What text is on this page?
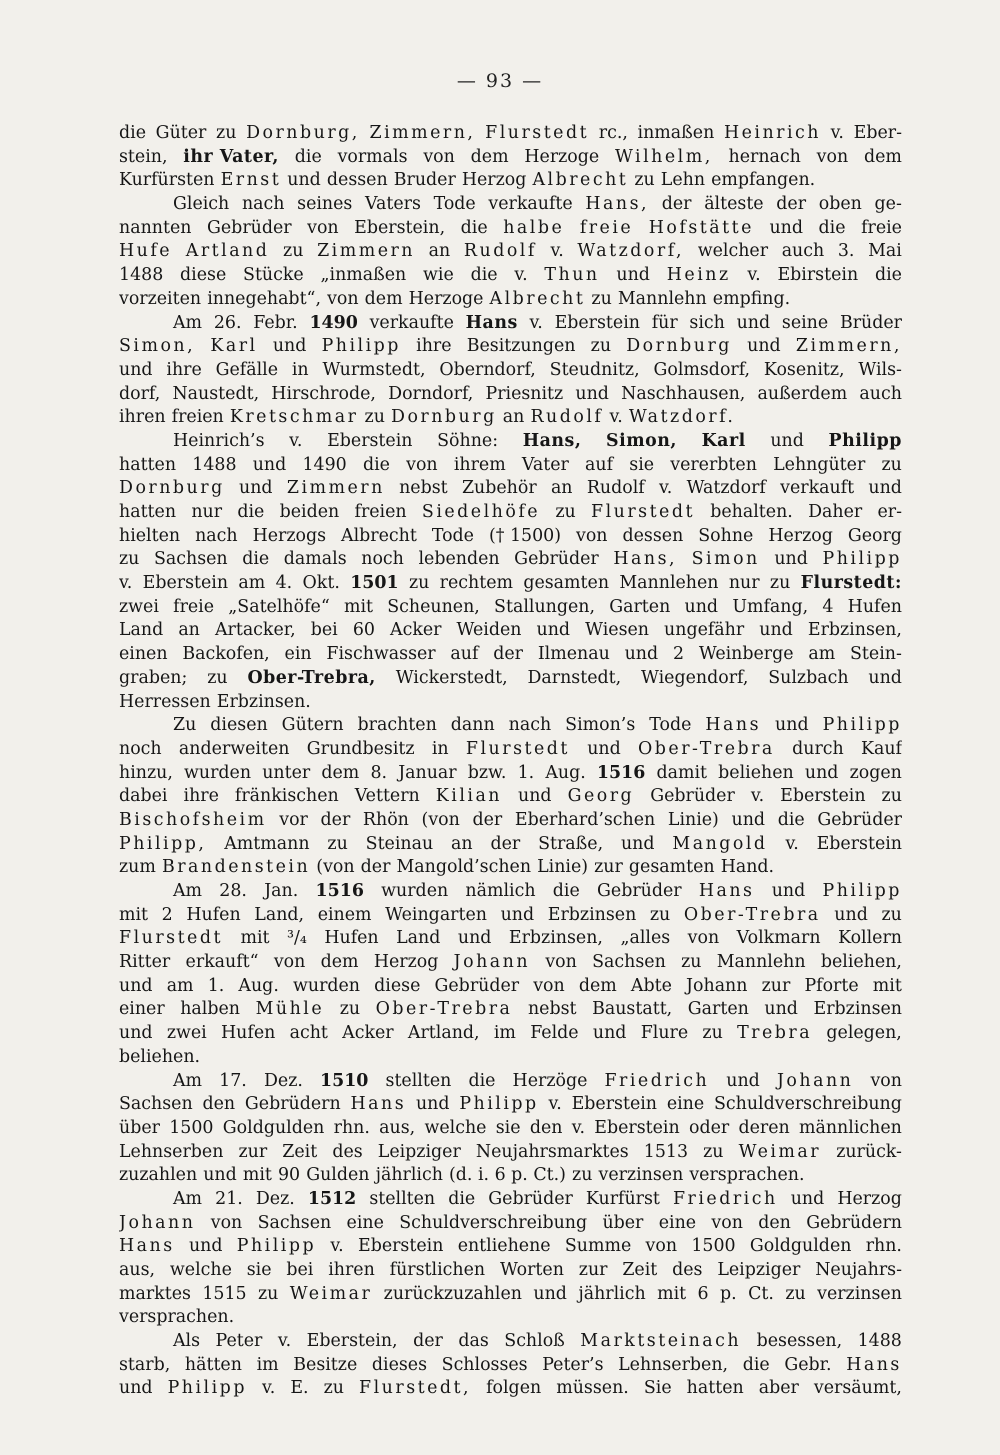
— 93 —
die Güter zu Dornburg, Zimmern, Flurstedt rc., inmaßen Heinrich v. Eber-
stein, ihr Vater, die vormals von dem Herzoge Wilhelm, hernach von dem
Kurfürsten Ernst und dessen Bruder Herzog Albrecht zu Lehn empfangen.
Gleich nach seines Vaters Tode verkaufte Hans, der älteste der oben ge-
nannten Gebrüder von Eberstein, die halbe freie Hofstätte und die freie
Hufe Artland zu Zimmern an Rudolf v. Watzdorf, welcher auch 3. Mai
1488 diese Stücke „inmaßen wie die v. Thun und Heinz v. Ebirstein die
vorzeiten innegehabt“, von dem Herzoge Albrecht zu Mannlehn empfing.
Am 26. Febr. 1490 verkaufte Hans v. Eberstein für sich und seine Brüder
Simon, Karl und Philipp ihre Besitzungen zu Dornburg und Zimmern,
und ihre Gefälle in Wurmstedt, Oberndorf, Steudnitz, Golmsdorf, Kosenitz, Wils-
dorf, Naustedt, Hirschrode, Dorndorf, Priesnitz und Naschhausen, außerdem auch
ihren freien Kretschmar zu Dornburg an Rudolf v. Watzdorf.
Heinrich’s v. Eberstein Söhne: Hans, Simon, Karl und Philipp
hatten 1488 und 1490 die von ihrem Vater auf sie vererbten Lehngüter zu
Dornburg und Zimmern nebst Zubehör an Rudolf v. Watzdorf verkauft und
hatten nur die beiden freien Siedelhöfe zu Flurstedt behalten. Daher er-
hielten nach Herzogs Albrecht Tode († 1500) von dessen Sohne Herzog Georg
zu Sachsen die damals noch lebenden Gebrüder Hans, Simon und Philipp
v. Eberstein am 4. Okt. 1501 zu rechtem gesamten Mannlehen nur zu Flurstedt:
zwei freie „Satelhöfe“ mit Scheunen, Stallungen, Garten und Umfang, 4 Hufen
Land an Artacker, bei 60 Acker Weiden und Wiesen ungefähr und Erbzinsen,
einen Backofen, ein Fischwasser auf der Ilmenau und 2 Weinberge am Stein-
graben; zu Ober-Trebra, Wickerstedt, Darnstedt, Wiegendorf, Sulzbach und
Herressen Erbzinsen.
Zu diesen Gütern brachten dann nach Simon’s Tode Hans und Philipp
noch anderweiten Grundbesitz in Flurstedt und Ober-Trebra durch Kauf
hinzu, wurden unter dem 8. Januar bzw. 1. Aug. 1516 damit beliehen und zogen
dabei ihre fränkischen Vettern Kilian und Georg Gebrüder v. Eberstein zu
Bischofsheim vor der Rhön (von der Eberhard’schen Linie) und die Gebrüder
Philipp, Amtmann zu Steinau an der Straße, und Mangold v. Eberstein
zum Brandenstein (von der Mangold’schen Linie) zur gesamten Hand.
Am 28. Jan. 1516 wurden nämlich die Gebrüder Hans und Philipp
mit 2 Hufen Land, einem Weingarten und Erbzinsen zu Ober-Trebra und zu
Flurstedt mit ³/₄ Hufen Land und Erbzinsen, „alles von Volkmarn Kollern
Ritter erkauft“ von dem Herzog Johann von Sachsen zu Mannlehn beliehen,
und am 1. Aug. wurden diese Gebrüder von dem Abte Johann zur Pforte mit
einer halben Mühle zu Ober-Trebra nebst Baustatt, Garten und Erbzinsen
und zwei Hufen acht Acker Artland, im Felde und Flure zu Trebra gelegen,
beliehen.
Am 17. Dez. 1510 stellten die Herzöge Friedrich und Johann von
Sachsen den Gebrüdern Hans und Philipp v. Eberstein eine Schuldverschreibung
über 1500 Goldgulden rhn. aus, welche sie den v. Eberstein oder deren männlichen
Lehnserben zur Zeit des Leipziger Neujahrsmarktes 1513 zu Weimar zurück-
zuzahlen und mit 90 Gulden jährlich (d. i. 6 p. Ct.) zu verzinsen versprachen.
Am 21. Dez. 1512 stellten die Gebrüder Kurfürst Friedrich und Herzog
Johann von Sachsen eine Schuldverschreibung über eine von den Gebrüdern
Hans und Philipp v. Eberstein entliehene Summe von 1500 Goldgulden rhn.
aus, welche sie bei ihren fürstlichen Worten zur Zeit des Leipziger Neujahrs-
marktes 1515 zu Weimar zurückzuzahlen und jährlich mit 6 p. Ct. zu verzinsen
versprachen.
Als Peter v. Eberstein, der das Schloß Marktsteinach besessen, 1488
starb, hätten im Besitze dieses Schlosses Peter’s Lehnserben, die Gebr. Hans
und Philipp v. E. zu Flurstedt, folgen müssen. Sie hatten aber versäumt,
